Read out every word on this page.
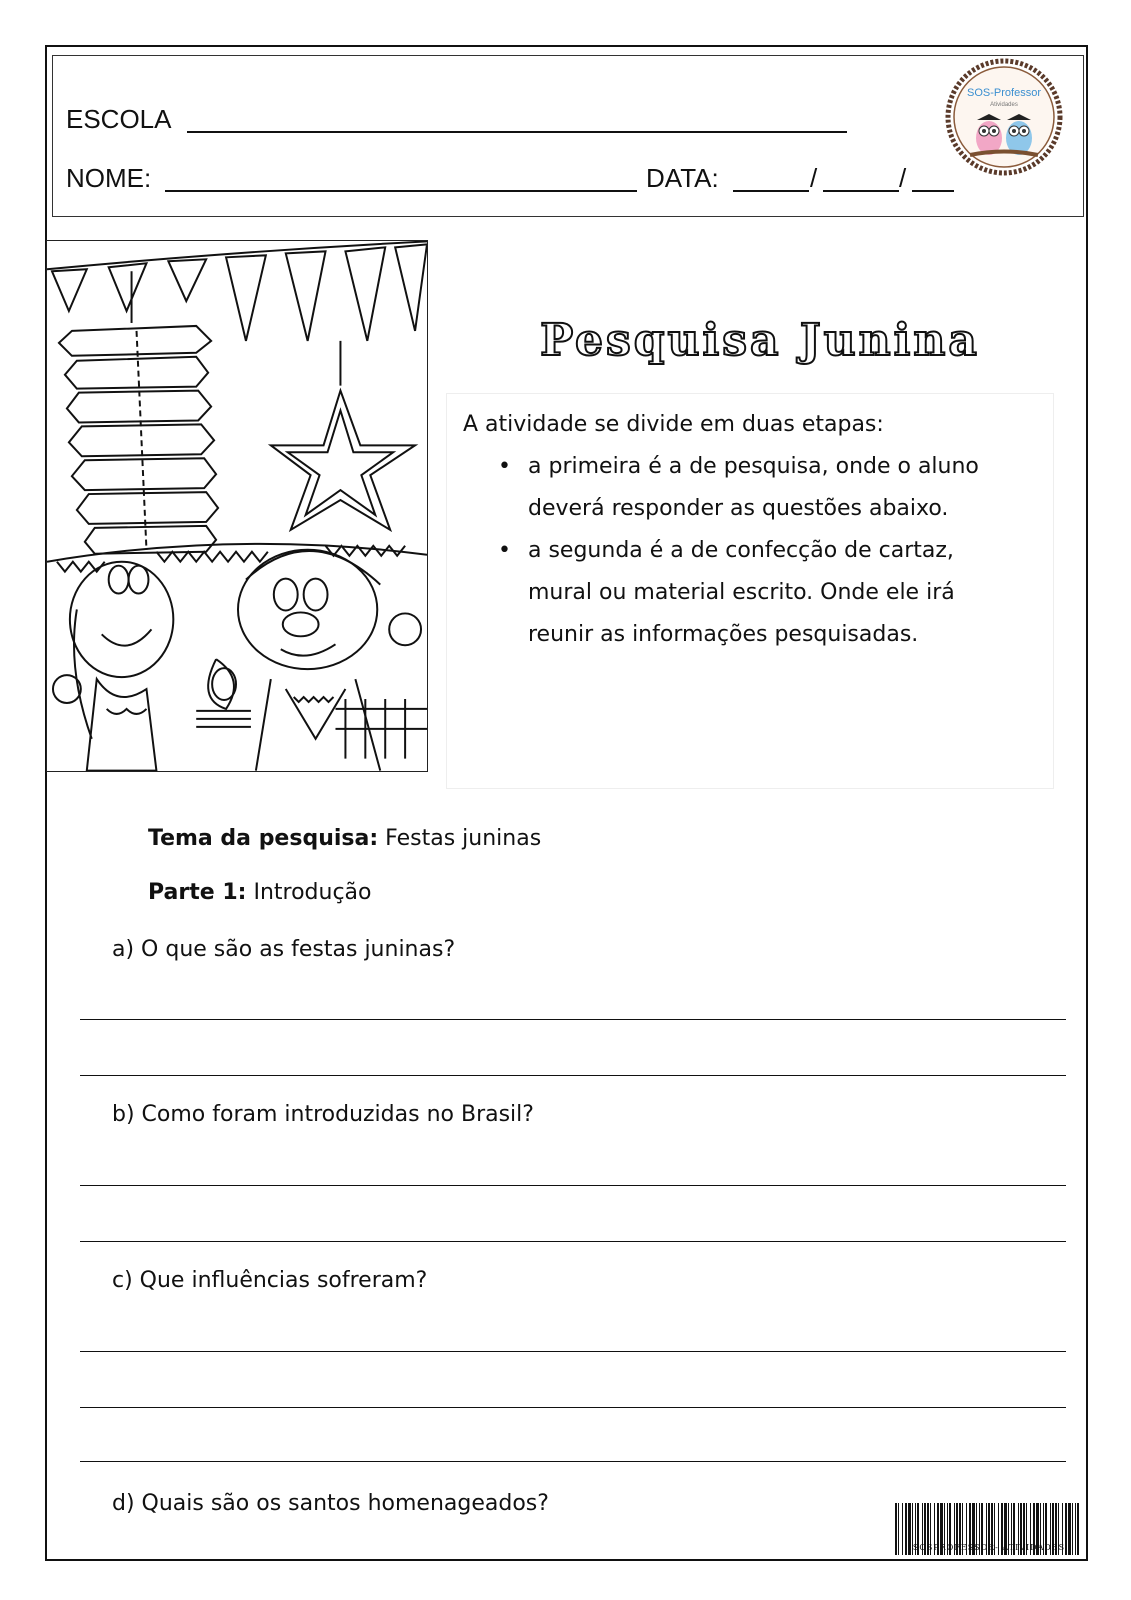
ESCOLA
NOME:	DATA:	/	/
SOS-Professor
Atividades
Pesquisa Junina
A atividade se divide em duas etapas:
• a primeira é a de pesquisa, onde o aluno
deverá responder as questões abaixo.
• a segunda é a de confecção de cartaz,
mural ou material escrito. Onde ele irá
reunir as informações pesquisadas.
Tema da pesquisa: Festas juninas
Parte 1: Introdução
a) O que são as festas juninas?
b) Como foram introduzidas no Brasil?
c) Que influências sofreram?
d) Quais são os santos homenageados?
SOSPROFESSOR- ATIVIDADES
